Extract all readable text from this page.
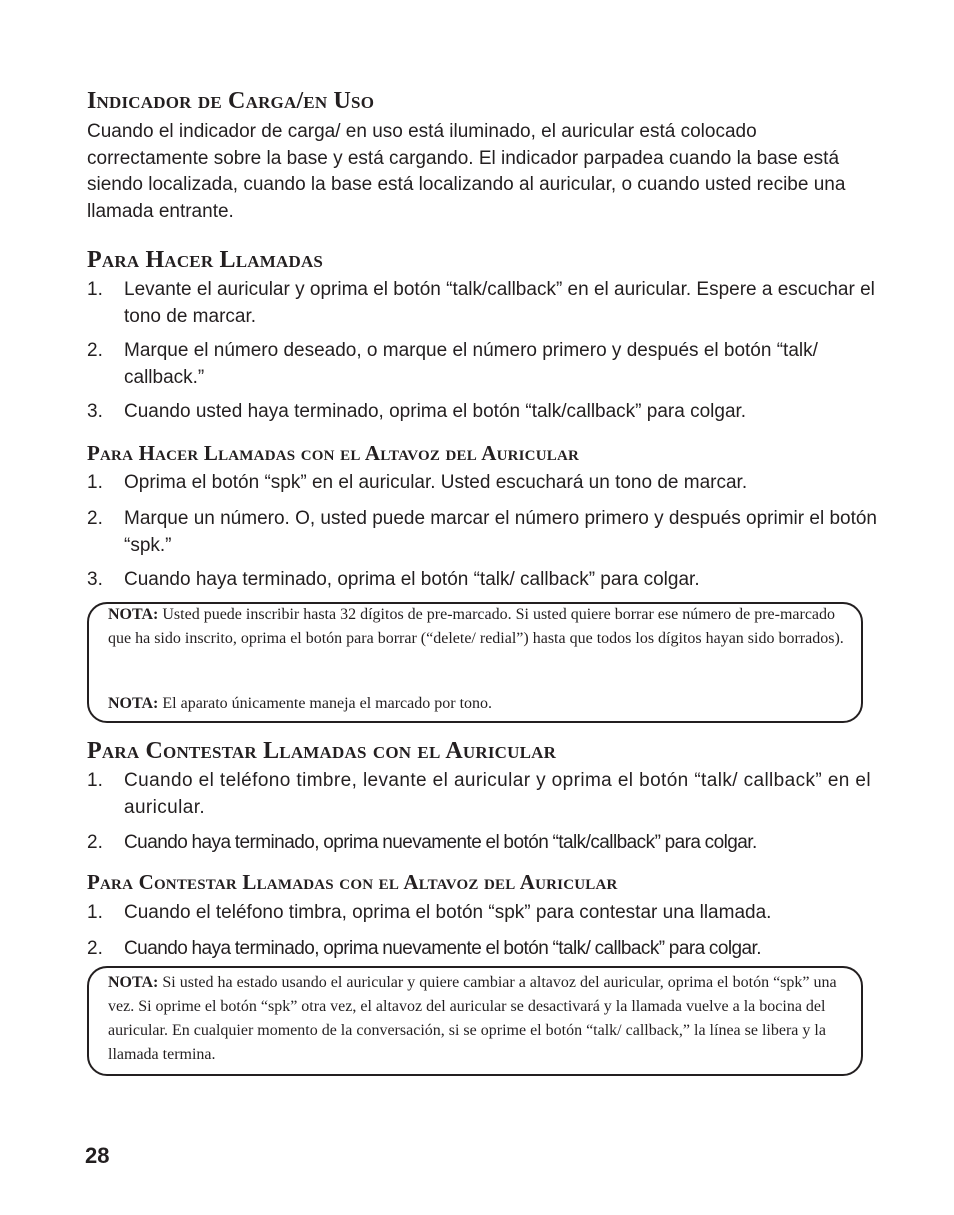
Indicador de Carga/en Uso

Cuando el indicador de carga/ en uso está iluminado, el auricular está colocado correctamente sobre la base y está cargando. El indicador parpadea cuando la base está siendo localizada, cuando la base está localizando al auricular, o cuando usted recibe una llamada entrante.

Para Hacer Llamadas
1. Levante el auricular y oprima el botón “talk/callback” en el auricular. Espere a escuchar el tono de marcar.
2. Marque el número deseado, o marque el número primero y después el botón “talk/ callback.”
3. Cuando usted haya terminado, oprima el botón “talk/callback” para colgar.
Para Hacer Llamadas con el Altavoz del Auricular
1. Oprima el botón “spk” en el auricular. Usted escuchará un tono de marcar.
2. Marque un número. O, usted puede marcar el número primero y después oprimir el botón “spk.”
3. Cuando haya terminado, oprima el botón “talk/ callback” para colgar.

NOTA: Usted puede inscribir hasta 32 dígitos de pre-marcado. Si usted quiere borrar ese número de pre-marcado que ha sido inscrito, oprima el botón para borrar (“delete/ redial”) hasta que todos los dígitos hayan sido borrados).

NOTA: El aparato únicamente maneja el marcado por tono.

Para Contestar Llamadas con el Auricular
1. Cuando el teléfono timbre, levante el auricular y oprima el botón “talk/ callback” en el auricular.
2. Cuando haya terminado, oprima nuevamente el botón “talk/callback” para colgar.
Para Contestar Llamadas con el Altavoz del Auricular
1. Cuando el teléfono timbra, oprima el botón “spk” para contestar una llamada.
2. Cuando haya terminado, oprima nuevamente el botón “talk/ callback” para colgar.

NOTA: Si usted ha estado usando el auricular y quiere cambiar a altavoz del auricular, oprima el botón “spk” una vez. Si oprime el botón “spk” otra vez, el altavoz del auricular se desactivará y la llamada vuelve a la bocina del auricular. En cualquier momento de la conversación, si se oprime el botón “talk/ callback,” la línea se libera y la llamada termina.

28
